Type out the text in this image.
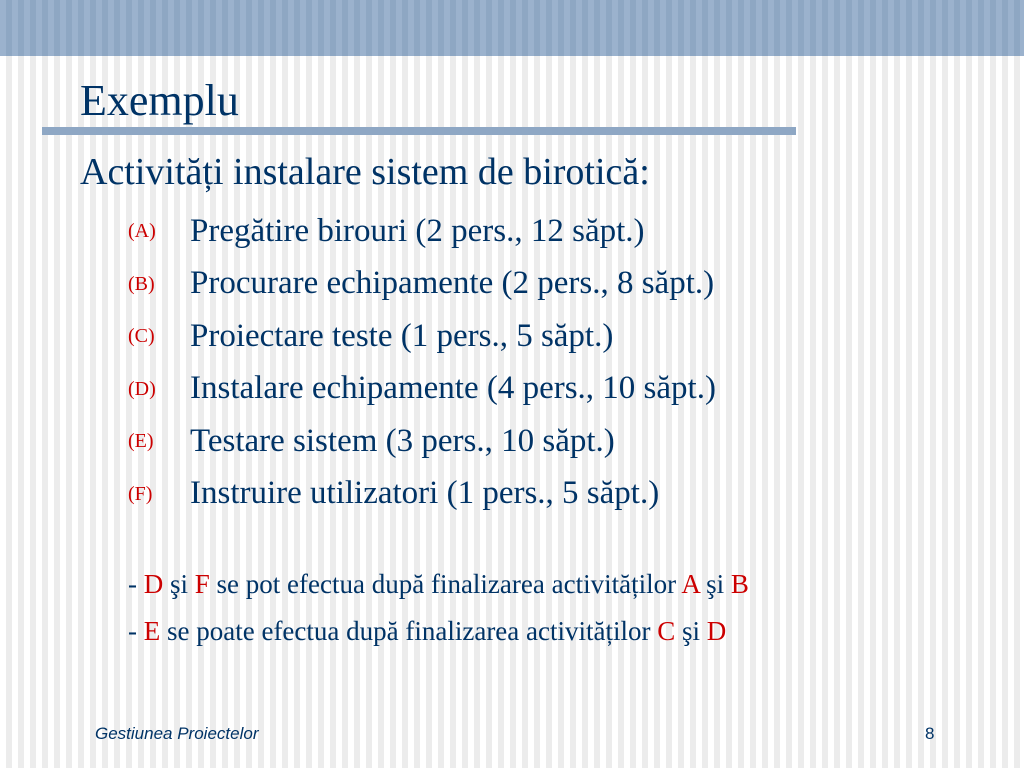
Exemplu
Activități instalare sistem de birotică:
(A)	Pregătire birouri (2 pers., 12 săpt.)
(B)	Procurare echipamente (2 pers., 8 săpt.)
(C)	Proiectare teste (1 pers., 5 săpt.)
(D)	Instalare echipamente (4 pers., 10 săpt.)
(E)	Testare sistem (3 pers., 10 săpt.)
(F)	Instruire utilizatori (1 pers., 5 săpt.)
- D şi F se pot efectua după finalizarea activităților A şi B
- E se poate efectua după finalizarea activităților C şi D
Gestiunea Proiectelor	8
